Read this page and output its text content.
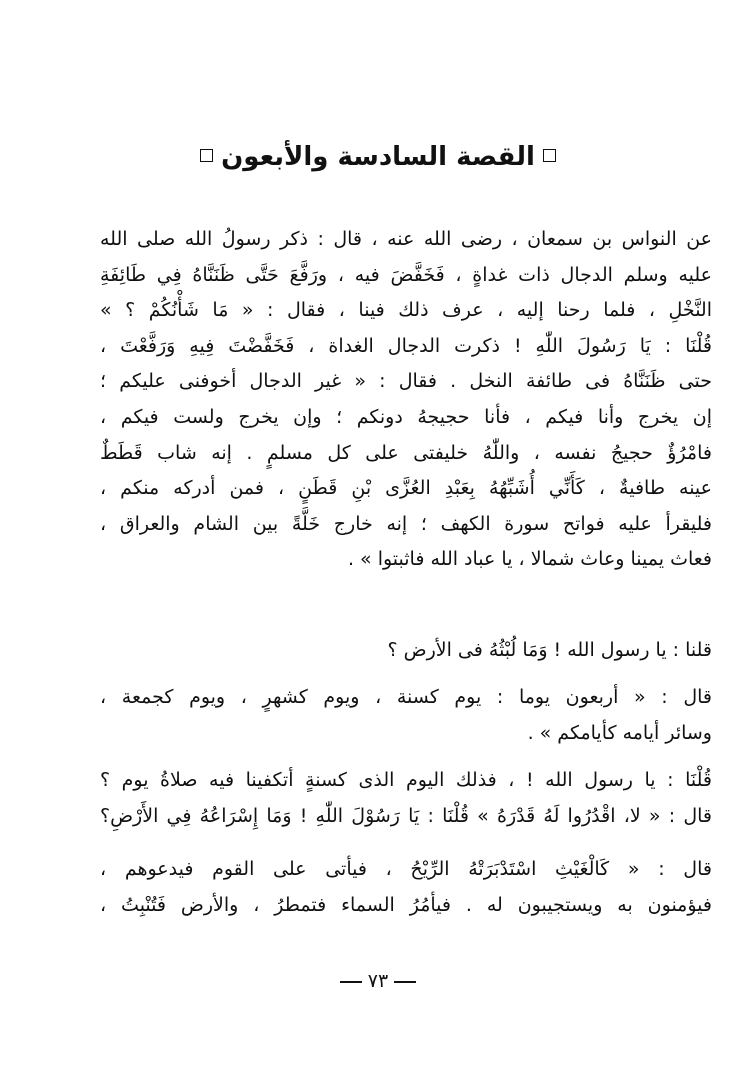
القصة السادسة والأبعون
عن النواس بن سمعان ، رضى الله عنه ، قال : ذكر رسولُ الله صلى الله
عليه وسلم الدجال ذات غداةٍ ، فَخَفَّضَ فيه ، ورَفَّعَ حَتَّى ظَنَنَّاهُ فِي طَائِفَةِ
النَّخْلِ ، فلما رحنا إليه ، عرف ذلك فينا ، فقال : « مَا شَأْنُكُمْ ؟ »
قُلْنَا : يَا رَسُولَ اللّٰهِ ! ذكرت الدجال الغداة ، فَخَفَّضْتَ فِيهِ وَرَفَّعْتَ ،
حتى ظَنَنَّاهُ فى طائفة النخل . فقال : « غير الدجال أخوفنى عليكم ؛
إن يخرج وأنا فيكم ، فأنا حجيجهُ دونكم ؛ وإن يخرج ولست فيكم ،
فامْرُؤٌ حجيجُ نفسه ، واللّٰهُ خليفتى على كل مسلمٍ . إنه شاب قَطَطٌ
عينه طافيةٌ ، كَأَنِّي أُشَبِّهُهُ بِعَبْدِ العُزَّى بْنِ قَطَنٍ ، فمن أدركه منكم ،
فليقرأ عليه فواتح سورة الكهف ؛ إنه خارج خَلَّةً بين الشام والعراق ،
فعاث يمينا وعاث شمالا ، يا عباد الله فاثبتوا » .
قلنا : يا رسول الله ! وَمَا لُبْثُهُ فى الأرض ؟
قال : « أربعون يوما : يوم كسنة ، ويوم كشهرٍ ، ويوم كجمعة ،
وسائر أيامه كأيامكم » .
قُلْنَا : يا رسول الله ! ، فذلك اليوم الذى كسنةٍ أتكفينا فيه صلاةُ يوم ؟
قال : « لا، اقْدُرُوا لَهُ قَدْرَهُ » قُلْنَا : يَا رَسُوْلَ اللّٰهِ ! وَمَا إِسْرَاعُهُ فِي الأَرْضِ؟
قال : « كَالْغَيْثِ اسْتَدْبَرَتْهُ الرِّيْحُ ، فيأتى على القوم فيدعوهم ،
فيؤمنون به ويستجيبون له . فيأمُرُ السماء فتمطرُ ، والأرض فَتُنْبِتُ ،
٧٣
